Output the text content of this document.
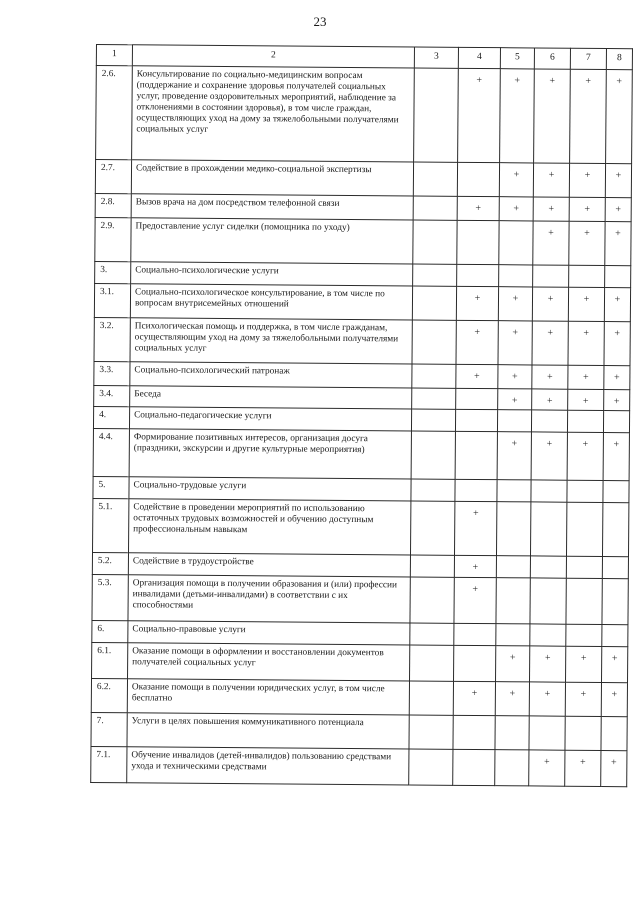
23
1	2	3	4	5	6	7	8
2.6.	Консультирование по социально-медицинским вопросам (поддержание и сохранение здоровья получателей социальных услуг, проведение оздоровительных мероприятий, наблюдение за отклонениями в состоянии здоровья), в том числе граждан, осуществляющих уход на дому за тяжелобольными получателями социальных услуг		+	+	+	+	+
2.7.	Содействие в прохождении медико-социальной экспертизы			+	+	+	+
2.8.	Вызов врача на дом посредством телефонной связи		+	+	+	+	+
2.9.	Предоставление услуг сиделки (помощника по уходу)				+	+	+
3.	Социально-психологические услуги						
3.1.	Социально-психологическое консультирование, в том числе по вопросам внутрисемейных отношений		+	+	+	+	+
3.2.	Психологическая помощь и поддержка, в том числе гражданам, осуществляющим уход на дому за тяжелобольными получателями социальных услуг		+	+	+	+	+
3.3.	Социально-психологический патронаж		+	+	+	+	+
3.4.	Беседа			+	+	+	+
4.	Социально-педагогические услуги						
4.4.	Формирование позитивных интересов, организация досуга (праздники, экскурсии и другие культурные мероприятия)			+	+	+	+
5.	Социально-трудовые услуги						
5.1.	Содействие в проведении мероприятий по использованию остаточных трудовых возможностей и обучению доступным профессиональным навыкам		+				
5.2.	Содействие в трудоустройстве		+				
5.3.	Организация помощи в получении образования и (или) профессии инвалидами (детьми-инвалидами) в соответствии с их способностями		+				
6.	Социально-правовые услуги						
6.1.	Оказание помощи в оформлении и восстановлении документов получателей социальных услуг			+	+	+	+
6.2.	Оказание помощи в получении юридических услуг, в том числе бесплатно		+	+	+	+	+
7.	Услуги в целях повышения коммуникативного потенциала						
7.1.	Обучение инвалидов (детей-инвалидов) пользованию средствами ухода и техническими средствами				+	+	+
